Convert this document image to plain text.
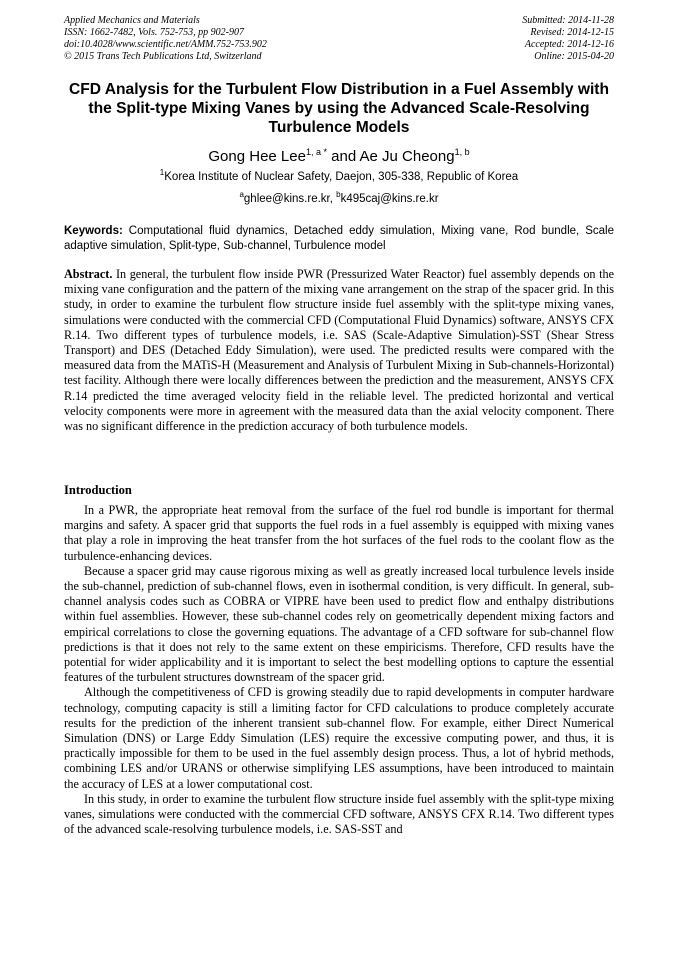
Applied Mechanics and Materials
ISSN: 1662-7482, Vols. 752-753, pp 902-907
doi:10.4028/www.scientific.net/AMM.752-753.902
© 2015 Trans Tech Publications Ltd, Switzerland
Submitted: 2014-11-28
Revised: 2014-12-15
Accepted: 2014-12-16
Online: 2015-04-20
CFD Analysis for the Turbulent Flow Distribution in a Fuel Assembly with the Split-type Mixing Vanes by using the Advanced Scale-Resolving Turbulence Models
Gong Hee Lee$^{1, a *}$ and Ae Ju Cheong$^{1, b}$
$^1$Korea Institute of Nuclear Safety, Daejon, 305-338, Republic of Korea
$^a$ghlee@kins.re.kr, $^b$k495caj@kins.re.kr
Keywords: Computational fluid dynamics, Detached eddy simulation, Mixing vane, Rod bundle, Scale adaptive simulation, Split-type, Sub-channel, Turbulence model
Abstract. In general, the turbulent flow inside PWR (Pressurized Water Reactor) fuel assembly depends on the mixing vane configuration and the pattern of the mixing vane arrangement on the strap of the spacer grid. In this study, in order to examine the turbulent flow structure inside fuel assembly with the split-type mixing vanes, simulations were conducted with the commercial CFD (Computational Fluid Dynamics) software, ANSYS CFX R.14. Two different types of turbulence models, i.e. SAS (Scale-Adaptive Simulation)-SST (Shear Stress Transport) and DES (Detached Eddy Simulation), were used. The predicted results were compared with the measured data from the MATiS-H (Measurement and Analysis of Turbulent Mixing in Sub-channels-Horizontal) test facility. Although there were locally differences between the prediction and the measurement, ANSYS CFX R.14 predicted the time averaged velocity field in the reliable level. The predicted horizontal and vertical velocity components were more in agreement with the measured data than the axial velocity component. There was no significant difference in the prediction accuracy of both turbulence models.
Introduction

In a PWR, the appropriate heat removal from the surface of the fuel rod bundle is important for thermal margins and safety. A spacer grid that supports the fuel rods in a fuel assembly is equipped with mixing vanes that play a role in improving the heat transfer from the hot surfaces of the fuel rods to the coolant flow as the turbulence-enhancing devices.

Because a spacer grid may cause rigorous mixing as well as greatly increased local turbulence levels inside the sub-channel, prediction of sub-channel flows, even in isothermal condition, is very difficult. In general, sub-channel analysis codes such as COBRA or VIPRE have been used to predict flow and enthalpy distributions within fuel assemblies. However, these sub-channel codes rely on geometrically dependent mixing factors and empirical correlations to close the governing equations. The advantage of a CFD software for sub-channel flow predictions is that it does not rely to the same extent on these empiricisms. Therefore, CFD results have the potential for wider applicability and it is important to select the best modelling options to capture the essential features of the turbulent structures downstream of the spacer grid.

Although the competitiveness of CFD is growing steadily due to rapid developments in computer hardware technology, computing capacity is still a limiting factor for CFD calculations to produce completely accurate results for the prediction of the inherent transient sub-channel flow. For example, either Direct Numerical Simulation (DNS) or Large Eddy Simulation (LES) require the excessive computing power, and thus, it is practically impossible for them to be used in the fuel assembly design process. Thus, a lot of hybrid methods, combining LES and/or URANS or otherwise simplifying LES assumptions, have been introduced to maintain the accuracy of LES at a lower computational cost.

In this study, in order to examine the turbulent flow structure inside fuel assembly with the split-type mixing vanes, simulations were conducted with the commercial CFD software, ANSYS CFX R.14. Two different types of the advanced scale-resolving turbulence models, i.e. SAS-SST and
